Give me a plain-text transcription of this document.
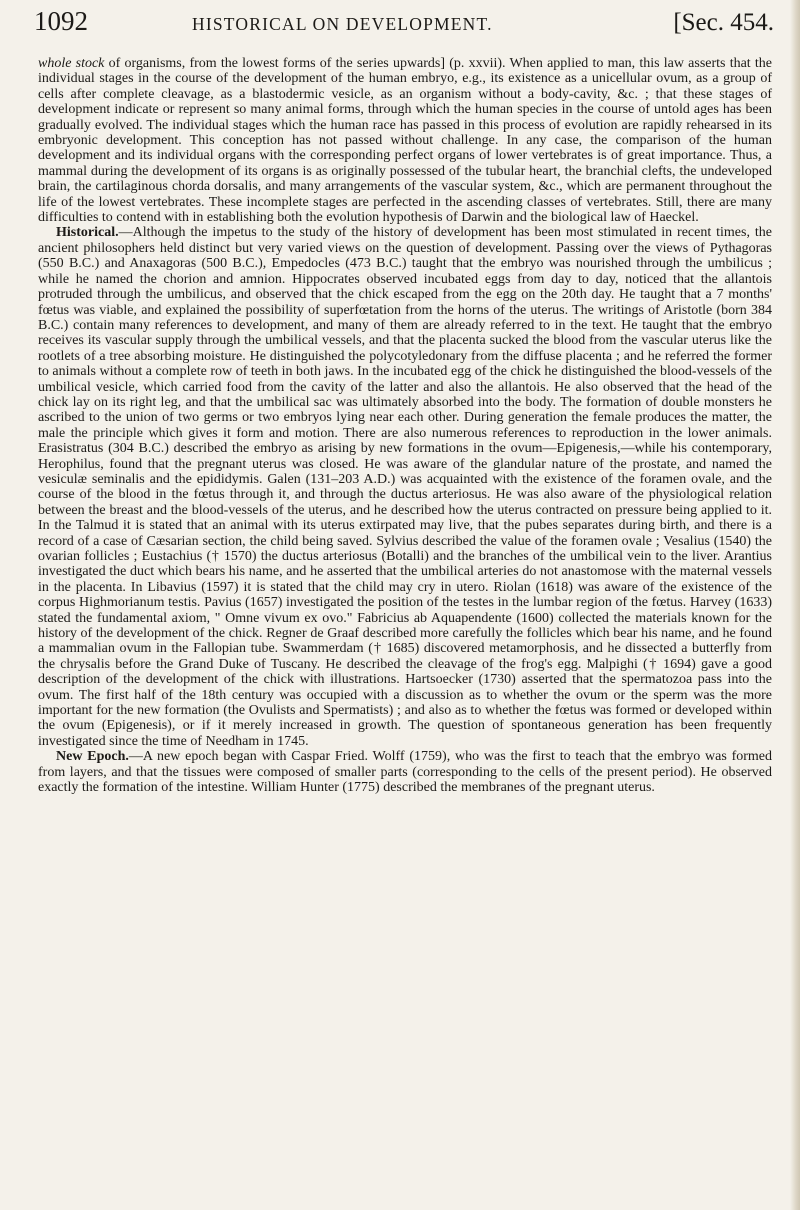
1092	HISTORICAL ON DEVELOPMENT.	[Sec. 454.

whole stock of organisms, from the lowest forms of the series upwards] (p. xxvii). When applied to man, this law asserts that the individual stages in the course of the development of the human embryo, e.g., its existence as a unicellular ovum, as a group of cells after complete cleavage, as a blastodermic vesicle, as an organism without a body-cavity, &c. ; that these stages of development indicate or represent so many animal forms, through which the human species in the course of untold ages has been gradually evolved. The individual stages which the human race has passed in this process of evolution are rapidly rehearsed in its embryonic development. This conception has not passed without challenge. In any case, the comparison of the human development and its individual organs with the corresponding perfect organs of lower vertebrates is of great importance. Thus, a mammal during the development of its organs is as originally possessed of the tubular heart, the branchial clefts, the undeveloped brain, the cartilaginous chorda dorsalis, and many arrangements of the vascular system, &c., which are permanent throughout the life of the lowest vertebrates. These incomplete stages are perfected in the ascending classes of vertebrates. Still, there are many difficulties to contend with in establishing both the evolution hypothesis of Darwin and the biological law of Haeckel.

Historical.—Although the impetus to the study of the history of development has been most stimulated in recent times, the ancient philosophers held distinct but very varied views on the question of development. Passing over the views of Pythagoras (550 B.C.) and Anaxagoras (500 B.C.), Empedocles (473 B.C.) taught that the embryo was nourished through the umbilicus ; while he named the chorion and amnion. Hippocrates observed incubated eggs from day to day, noticed that the allantois protruded through the umbilicus, and observed that the chick escaped from the egg on the 20th day. He taught that a 7 months' fœtus was viable, and explained the possibility of superfœtation from the horns of the uterus. The writings of Aristotle (born 384 B.C.) contain many references to development, and many of them are already referred to in the text. He taught that the embryo receives its vascular supply through the umbilical vessels, and that the placenta sucked the blood from the vascular uterus like the rootlets of a tree absorbing moisture. He distinguished the polycotyledonary from the diffuse placenta ; and he referred the former to animals without a complete row of teeth in both jaws. In the incubated egg of the chick he distinguished the blood-vessels of the umbilical vesicle, which carried food from the cavity of the latter and also the allantois. He also observed that the head of the chick lay on its right leg, and that the umbilical sac was ultimately absorbed into the body. The formation of double monsters he ascribed to the union of two germs or two embryos lying near each other. During generation the female produces the matter, the male the principle which gives it form and motion. There are also numerous references to reproduction in the lower animals. Erasistratus (304 B.C.) described the embryo as arising by new formations in the ovum—Epigenesis,—while his contemporary, Herophilus, found that the pregnant uterus was closed. He was aware of the glandular nature of the prostate, and named the vesiculæ seminalis and the epididymis. Galen (131–203 A.D.) was acquainted with the existence of the foramen ovale, and the course of the blood in the fœtus through it, and through the ductus arteriosus. He was also aware of the physiological relation between the breast and the blood-vessels of the uterus, and he described how the uterus contracted on pressure being applied to it. In the Talmud it is stated that an animal with its uterus extirpated may live, that the pubes separates during birth, and there is a record of a case of Cæsarian section, the child being saved. Sylvius described the value of the foramen ovale ; Vesalius (1540) the ovarian follicles ; Eustachius († 1570) the ductus arteriosus (Botalli) and the branches of the umbilical vein to the liver. Arantius investigated the duct which bears his name, and he asserted that the umbilical arteries do not anastomose with the maternal vessels in the placenta. In Libavius (1597) it is stated that the child may cry in utero. Riolan (1618) was aware of the existence of the corpus Highmorianum testis. Pavius (1657) investigated the position of the testes in the lumbar region of the fœtus. Harvey (1633) stated the fundamental axiom, " Omne vivum ex ovo." Fabricius ab Aquapendente (1600) collected the materials known for the history of the development of the chick. Regner de Graaf described more carefully the follicles which bear his name, and he found a mammalian ovum in the Fallopian tube. Swammerdam († 1685) discovered metamorphosis, and he dissected a butterfly from the chrysalis before the Grand Duke of Tuscany. He described the cleavage of the frog's egg. Malpighi († 1694) gave a good description of the development of the chick with illustrations. Hartsoecker (1730) asserted that the spermatozoa pass into the ovum. The first half of the 18th century was occupied with a discussion as to whether the ovum or the sperm was the more important for the new formation (the Ovulists and Spermatists) ; and also as to whether the fœtus was formed or developed within the ovum (Epigenesis), or if it merely increased in growth. The question of spontaneous generation has been frequently investigated since the time of Needham in 1745.

New Epoch.—A new epoch began with Caspar Fried. Wolff (1759), who was the first to teach that the embryo was formed from layers, and that the tissues were composed of smaller parts (corresponding to the cells of the present period). He observed exactly the formation of the intestine. William Hunter (1775) described the membranes of the pregnant uterus.
